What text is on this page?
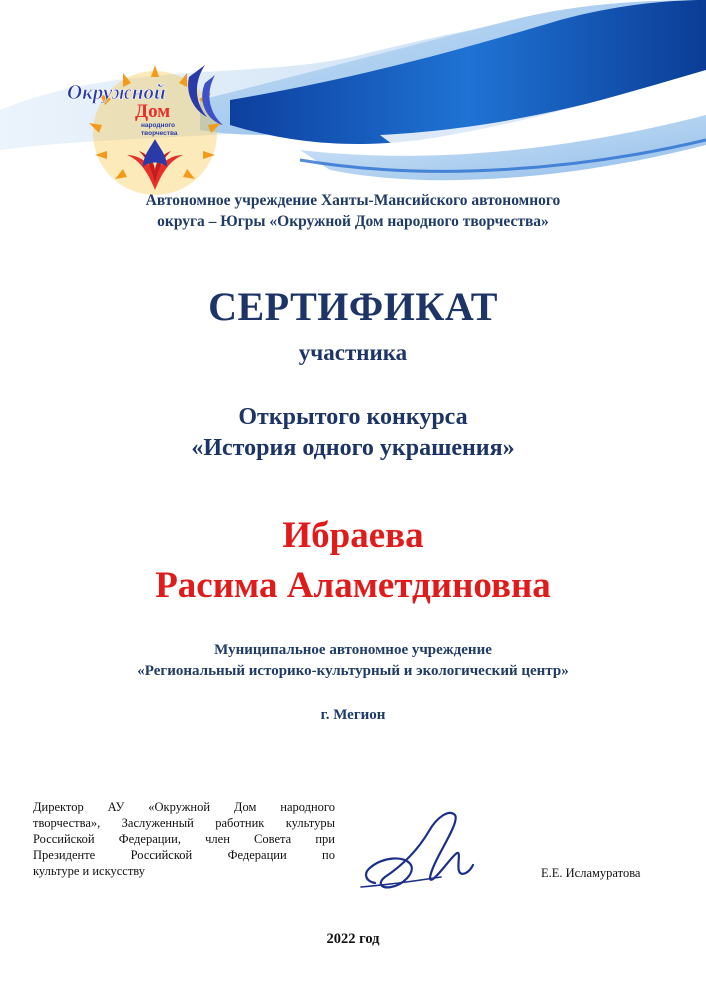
Окружной
Дом
народного
творчества
Автономное учреждение Ханты-Мансийского автономного
округа – Югры «Окружной Дом народного творчества»
СЕРТИФИКАТ
участника
Открытого конкурса
«История одного украшения»
Ибраева
Расима Аламетдиновна
Муниципальное автономное учреждение
«Региональный историко-культурный и экологический центр»
г. Мегион
Директор АУ «Окружной Дом народного
творчества», Заслуженный работник культуры
Российской Федерации, член Совета при
Президенте Российской Федерации по
культуре и искусству	Е.Е. Исламуратова
2022 год
